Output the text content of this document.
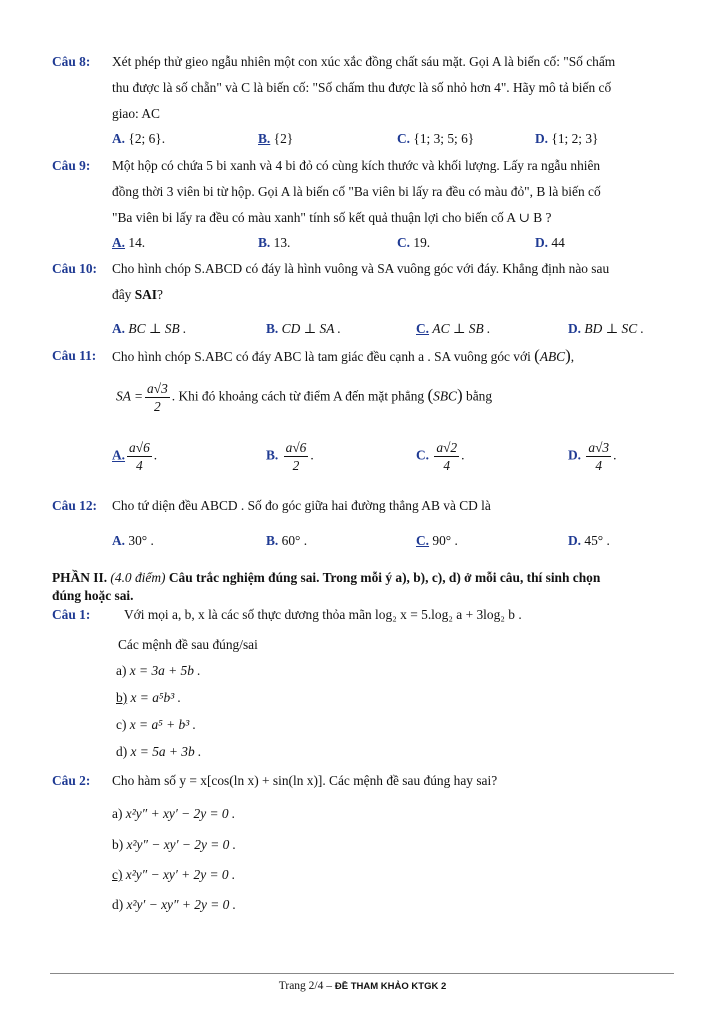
Câu 8: Xét phép thử gieo ngẫu nhiên một con xúc xắc đồng chất sáu mặt. Gọi A là biến cố: "Số chấm
thu được là số chẵn" và C là biến cố: "Số chấm thu được là số nhỏ hơn 4". Hãy mô tả biến cố
giao: AC
A. {2; 6}.	B. {2}	C. {1; 3; 5; 6}	D. {1; 2; 3}
Câu 9: Một hộp có chứa 5 bi xanh và 4 bi đỏ có cùng kích thước và khối lượng. Lấy ra ngẫu nhiên
đồng thời 3 viên bi từ hộp. Gọi A là biến cố "Ba viên bi lấy ra đều có màu đỏ", B là biến cố
"Ba viên bi lấy ra đều có màu xanh" tính số kết quả thuận lợi cho biến cố A ∪ B ?
A. 14.	B. 13.	C. 19.	D. 44
Câu 10: Cho hình chóp S.ABCD có đáy là hình vuông và SA vuông góc với đáy. Khẳng định nào sau
đây SAI?
A. BC ⊥ SB .	B. CD ⊥ SA .	C. AC ⊥ SB .	D. BD ⊥ SC .
Câu 11: Cho hình chóp S.ABC có đáy ABC là tam giác đều cạnh a . SA vuông góc với (ABC),
SA = $\frac{a√3}{2}$ . Khi đó khoảng cách từ điểm A đến mặt phẳng (SBC) bằng
A. $\frac{a√6}{4}$ .	B. $\frac{a√6}{2}$ .	C. $\frac{a√2}{4}$ .	D. $\frac{a√3}{4}$ .
Câu 12: Cho tứ diện đều ABCD . Số đo góc giữa hai đường thẳng AB và CD là
A. 30° .	B. 60° .	C. 90° .	D. 45° .
PHẦN II. (4.0 điểm) Câu trắc nghiệm đúng sai. Trong mỗi ý a), b), c), d) ở mỗi câu, thí sinh chọn
đúng hoặc sai.
Câu 1:	Với mọi a, b, x là các số thực dương thỏa mãn log₂ x = 5.log₂ a + 3log₂ b .
Các mệnh đề sau đúng/sai
a) x = 3a + 5b .
b) x = a⁵b³ .
c) x = a⁵ + b³ .
d) x = 5a + 3b .
Câu 2: Cho hàm số y = x[cos(ln x) + sin(ln x)]. Các mệnh đề sau đúng hay sai?
a) x²y″ + xy′ − 2y = 0 .
b) x²y″ − xy′ − 2y = 0 .
c) x²y″ − xy′ + 2y = 0 .
d) x²y′ − xy″ + 2y = 0 .
Trang 2/4 – ĐỀ THAM KHẢO KTGK 2
